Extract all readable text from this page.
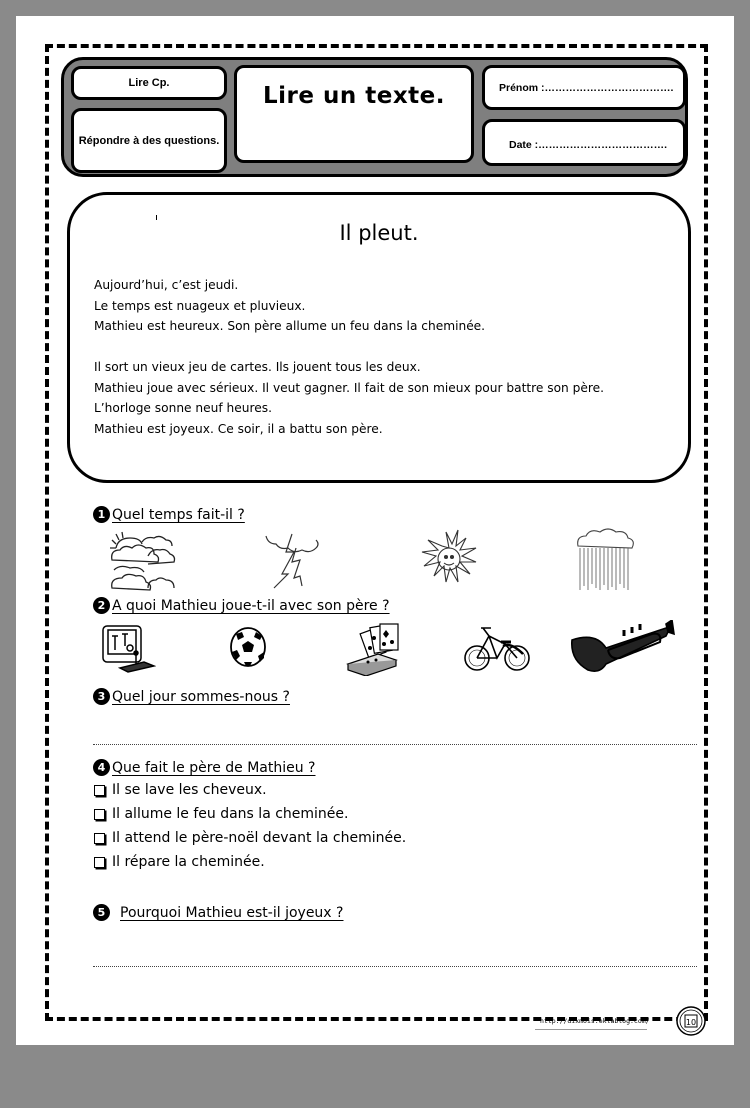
Lire Cp.
Répondre à des questions.
Lire un texte.	Prénom :……………………………….
Date :……………………………….
Il pleut.
Aujourd’hui, c’est jeudi.
Le temps est nuageux et pluvieux.
Mathieu est heureux. Son père allume un feu dans la cheminée.
Il sort un vieux jeu de cartes. Ils jouent tous les deux.
Mathieu joue avec sérieux. Il veut gagner. Il fait de son mieux pour battre son père.
L’horloge sonne neuf heures.
Mathieu est joyeux. Ce soir, il a battu son père.
1 Quel temps fait-il ?
2 A quoi Mathieu joue-t-il avec son père ?
3 Quel jour sommes-nous ?
4 Que fait le père de Mathieu ?
Il se lave les cheveux.
Il allume le feu dans la cheminée.
Il attend le père-noël devant la cheminée.
Il répare la cheminée.
5	Pourquoi Mathieu est-il joyeux ?
http://dixmois.eklablog.com/	10
